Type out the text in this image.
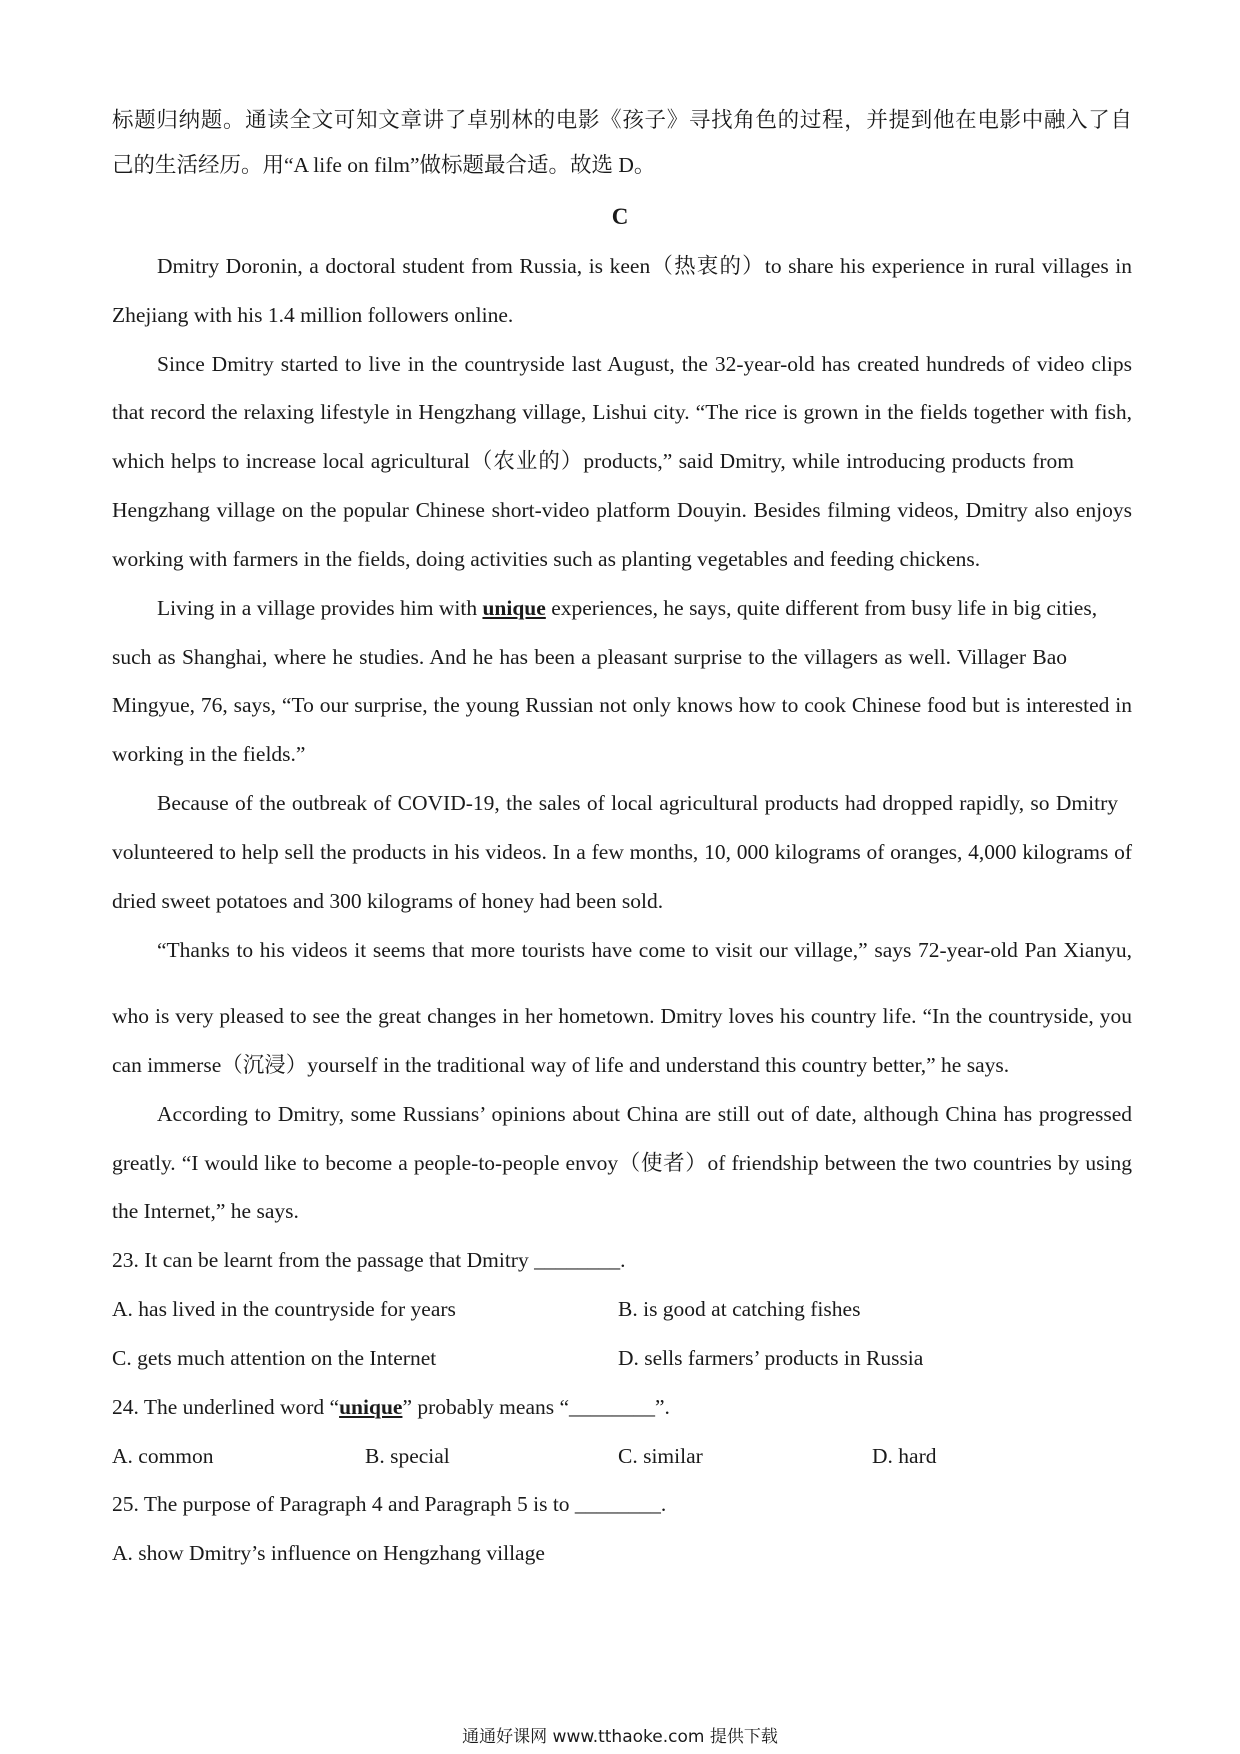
标题归纳题。通读全文可知文章讲了卓别林的电影《孩子》寻找角色的过程，并提到他在电影中融入了自
己的生活经历。用“A life on film”做标题最合适。故选 D。
C
Dmitry Doronin, a doctoral student from Russia, is keen（热衷的）to share his experience in rural villages in
Zhejiang with his 1.4 million followers online.
Since Dmitry started to live in the countryside last August, the 32-year-old has created hundreds of video clips
that record the relaxing lifestyle in Hengzhang village, Lishui city. “The rice is grown in the fields together with fish,
which helps to increase local agricultural（农业的）products,” said Dmitry, while introducing products from
Hengzhang village on the popular Chinese short-video platform Douyin. Besides filming videos, Dmitry also enjoys
working with farmers in the fields, doing activities such as planting vegetables and feeding chickens.
Living in a village provides him with unique experiences, he says, quite different from busy life in big cities,
such as Shanghai, where he studies. And he has been a pleasant surprise to the villagers as well. Villager Bao
Mingyue, 76, says, “To our surprise, the young Russian not only knows how to cook Chinese food but is interested in
working in the fields.”
Because of the outbreak of COVID-19, the sales of local agricultural products had dropped rapidly, so Dmitry
volunteered to help sell the products in his videos. In a few months, 10, 000 kilograms of oranges, 4,000 kilograms of
dried sweet potatoes and 300 kilograms of honey had been sold.
“Thanks to his videos it seems that more tourists have come to visit our village,” says 72-year-old Pan Xianyu,
who is very pleased to see the great changes in her hometown. Dmitry loves his country life. “In the countryside, you
can immerse（沉浸）yourself in the traditional way of life and understand this country better,” he says.
According to Dmitry, some Russians’ opinions about China are still out of date, although China has progressed
greatly. “I would like to become a people-to-people envoy（使者）of friendship between the two countries by using
the Internet,” he says.
23. It can be learnt from the passage that Dmitry ________.
A. has lived in the countryside for years	B. is good at catching fishes
C. gets much attention on the Internet	D. sells farmers’ products in Russia
24. The underlined word “unique” probably means “________”.
A. common	B. special	C. similar	D. hard
25. The purpose of Paragraph 4 and Paragraph 5 is to ________.
A. show Dmitry’s influence on Hengzhang village
通通好课网 www.tthaoke.com 提供下载
